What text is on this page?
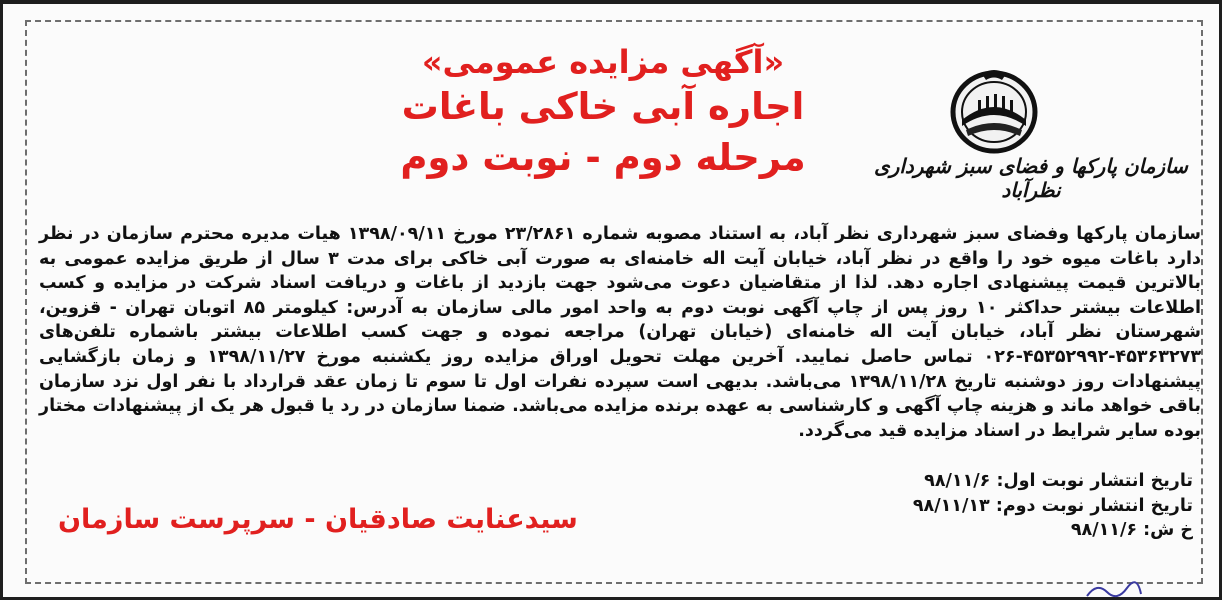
«آگهی مزایده عمومی»
اجاره آبی خاکی باغات
مرحله دوم - نوبت دوم	سازمان پارکها و فضای سبز شهرداری نظرآباد
سازمان پارکها وفضای سبز شهرداری نظر آباد، به استناد مصوبه شماره ۲۳/۲۸۶۱ مورخ ۱۳۹۸/۰۹/۱۱ هیات مدیره محترم سازمان در نظر دارد باغات میوه خود را واقع در نظر آباد، خیابان آیت اله خامنه‌ای به صورت آبی خاکی برای مدت ۳ سال از طریق مزایده عمومی به بالاترین قیمت پیشنهادی اجاره دهد. لذا از متقاضیان دعوت می‌شود جهت بازدید از باغات و دریافت اسناد شرکت در مزایده و کسب اطلاعات بیشتر حداکثر ۱۰ روز پس از چاپ آگهی نوبت دوم به واحد امور مالی سازمان به آدرس: کیلومتر ۸۵ اتوبان تهران - قزوین، شهرستان نظر آباد، خیابان آیت اله خامنه‌ای (خیابان تهران) مراجعه نموده و جهت کسب اطلاعات بیشتر باشماره تلفن‌های ۴۵۳۶۳۲۷۳-۴۵۳۵۲۹۹۲-۰۲۶ تماس حاصل نمایید. آخرین مهلت تحویل اوراق مزایده روز یکشنبه مورخ ۱۳۹۸/۱۱/۲۷ و زمان بازگشایی پیشنهادات روز دوشنبه تاریخ ۱۳۹۸/۱۱/۲۸ می‌باشد. بدیهی است سپرده نفرات اول تا سوم تا زمان عقد قرارداد با نفر اول نزد سازمان باقی خواهد ماند و هزینه چاپ آگهی و کارشناسی به عهده برنده مزایده می‌باشد. ضمنا سازمان در رد یا قبول هر یک از پیشنهادات مختار بوده سایر شرایط در اسناد مزایده قید می‌گردد.
تاریخ انتشار نوبت اول: ۹۸/۱۱/۶
تاریخ انتشار نوبت دوم: ۹۸/۱۱/۱۳
خ ش: ۹۸/۱۱/۶
سیدعنایت صادقیان - سرپرست سازمان
